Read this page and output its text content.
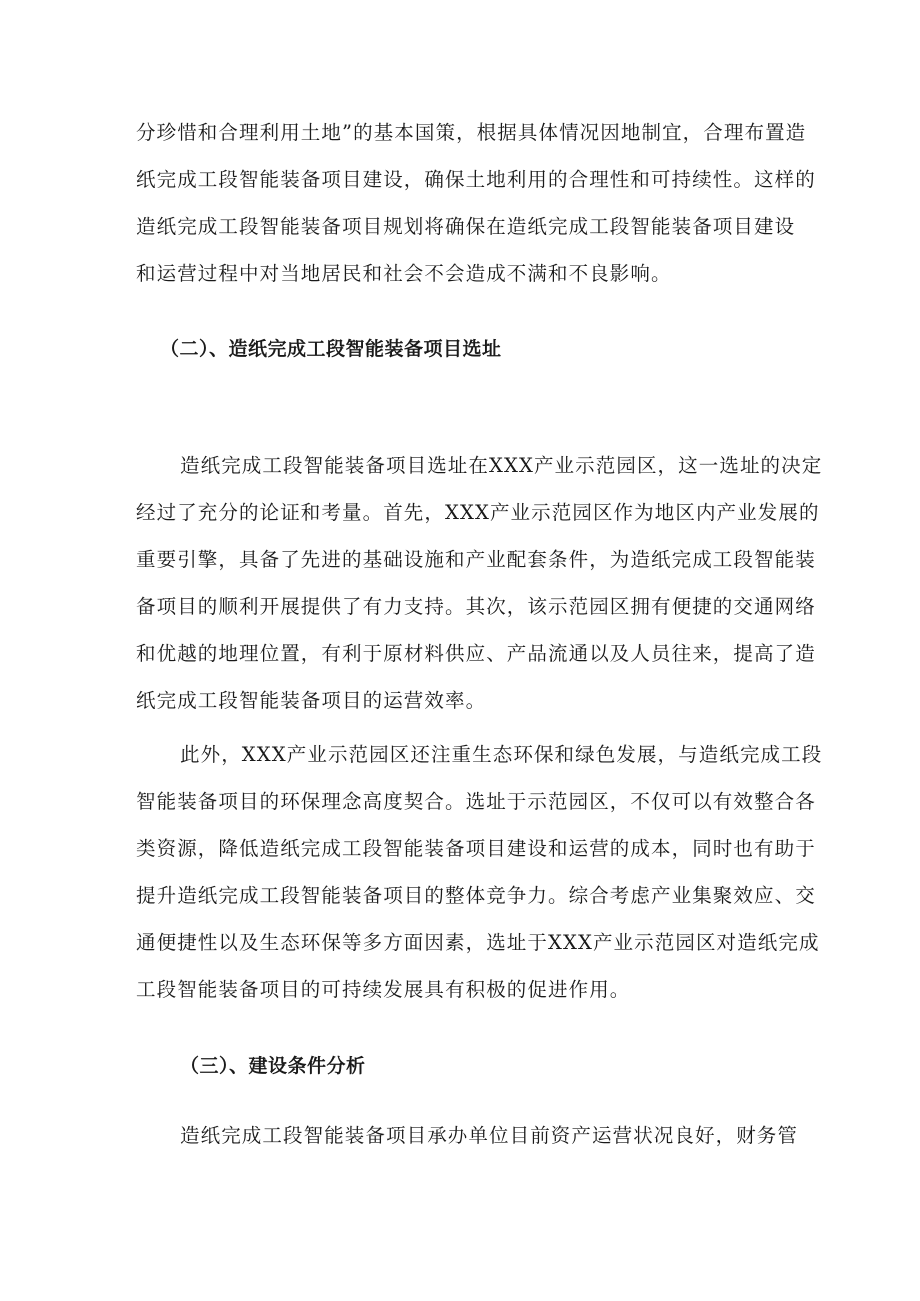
分珍惜和合理利用土地”的基本国策，根据具体情况因地制宜，合理布置造
纸完成工段智能装备项目建设，确保土地利用的合理性和可持续性。这样的
造纸完成工段智能装备项目规划将确保在造纸完成工段智能装备项目建设
和运营过程中对当地居民和社会不会造成不满和不良影响。
（二）、造纸完成工段智能装备项目选址
造纸完成工段智能装备项目选址在XXX产业示范园区，这一选址的决定
经过了充分的论证和考量。首先，XXX产业示范园区作为地区内产业发展的
重要引擎，具备了先进的基础设施和产业配套条件，为造纸完成工段智能装
备项目的顺利开展提供了有力支持。其次，该示范园区拥有便捷的交通网络
和优越的地理位置，有利于原材料供应、产品流通以及人员往来，提高了造
纸完成工段智能装备项目的运营效率。
此外，XXX产业示范园区还注重生态环保和绿色发展，与造纸完成工段
智能装备项目的环保理念高度契合。选址于示范园区，不仅可以有效整合各
类资源，降低造纸完成工段智能装备项目建设和运营的成本，同时也有助于
提升造纸完成工段智能装备项目的整体竞争力。综合考虑产业集聚效应、交
通便捷性以及生态环保等多方面因素，选址于XXX产业示范园区对造纸完成
工段智能装备项目的可持续发展具有积极的促进作用。
（三）、建设条件分析
造纸完成工段智能装备项目承办单位目前资产运营状况良好，财务管
